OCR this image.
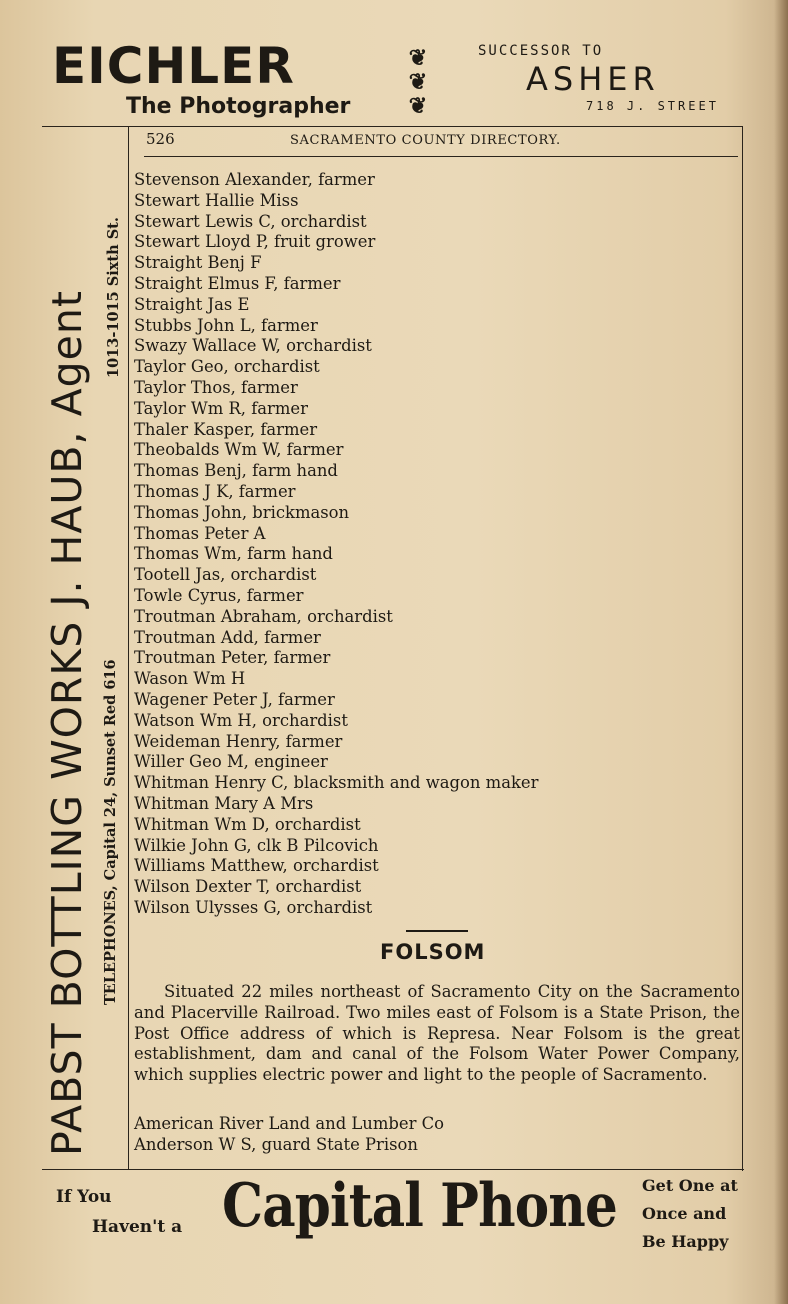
EICHLER

The Photographer

❦
❦
❦

SUCCESSOR TO

ASHER

718 J. STREET

PABST BOTTLING WORKS J. HAUB, Agent TELEPHONES, Capital 24, Sunset Red 616
1013-1015 Sixth St.
526	SACRAMENTO COUNTY DIRECTORY.
Stevenson Alexander, farmer
Stewart Hallie Miss
Stewart Lewis C, orchardist
Stewart Lloyd P, fruit grower
Straight Benj F
Straight Elmus F, farmer
Straight Jas E
Stubbs John L, farmer
Swazy Wallace W, orchardist
Taylor Geo, orchardist
Taylor Thos, farmer
Taylor Wm R, farmer
Thaler Kasper, farmer
Theobalds Wm W, farmer
Thomas Benj, farm hand
Thomas J K, farmer
Thomas John, brickmason
Thomas Peter A
Thomas Wm, farm hand
Tootell Jas, orchardist
Towle Cyrus, farmer
Troutman Abraham, orchardist
Troutman Add, farmer
Troutman Peter, farmer
Wason Wm H
Wagener Peter J, farmer
Watson Wm H, orchardist
Weideman Henry, farmer
Willer Geo M, engineer
Whitman Henry C, blacksmith and wagon maker
Whitman Mary A Mrs
Whitman Wm D, orchardist
Wilkie John G, clk B Pilcovich
Williams Matthew, orchardist
Wilson Dexter T, orchardist
Wilson Ulysses G, orchardist
FOLSOM

Situated 22 miles northeast of Sacramento City on the Sacramento and Placerville Railroad. Two miles east of Folsom is a State Prison, the Post Office address of which is Represa. Near Folsom is the great establishment, dam and canal of the Folsom Water Power Company, which supplies electric power and light to the people of Sacramento.

American River Land and Lumber Co
Anderson W S, guard State Prison
If You
Haven't a Capital Phone Get One at
Once and
Be Happy
